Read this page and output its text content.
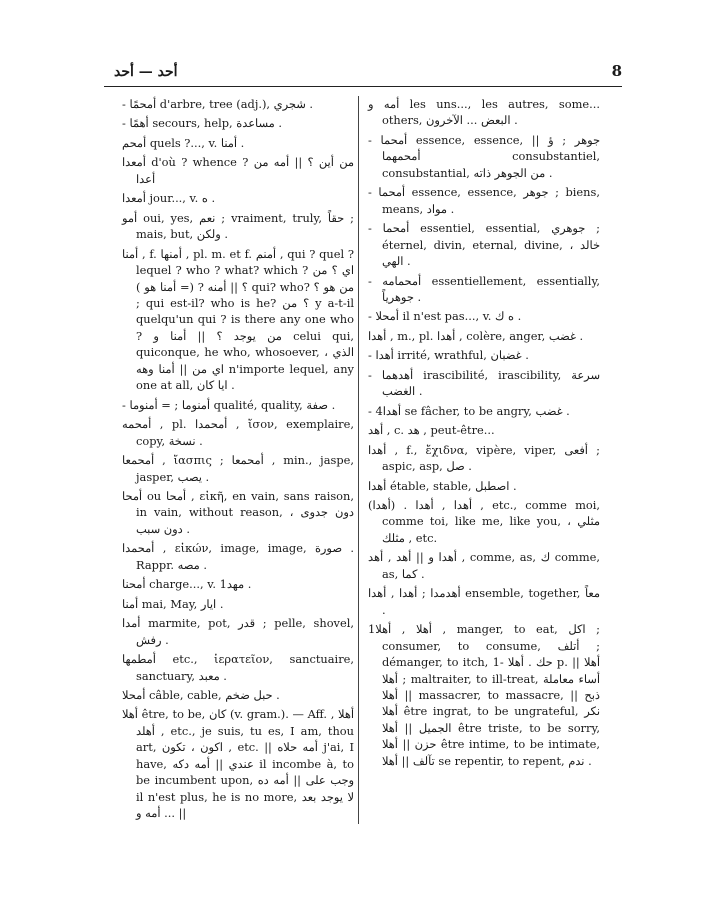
أحد — أحد	8
- أمحمًا d'arbre, tree (adj.), شجري .
- أهمًا secours, help, مساعدة .
أمحم quels ?..., v. أمنا .
أمعدا d'où ? whence ? من أين ؟ || أمه من أعدا
أمعدا jour..., v. ه .
أمو oui, yes, نعم ; vraiment, truly, حقاً ; mais, but, ولكن .
أمنا , f. أمنها , pl. m. et f. أمنم , qui ? quel ? lequel ? who ? what? which ? اي ؟ من ؟ || أمنه ? (= أمنا هو ) qui? who? من هو ؟ ; qui est-il? who is he? ؟ من y a-t-il quelqu'un qui ? is there any one who ? من يوجد ؟ || أمنا و celui qui, quiconque, he who, whosoever, الذي ، اي من || أمنا وهه n'importe lequel, any one at all, ايا كان .
- أمنوما ; = أمنوما qualité, quality, صفة .
أمحمه , pl. أمحمدا , ἴσον, exemplaire, copy, نسخة .
أمحمعا , ἴασπις ; أمحمعا , min., jaspe, jasper, يصب .
أمحا ou أمحا , εἰκῆ, en vain, sans raison, in vain, without reason, دون جدوى ، دون سبب .
أمحمدا , εἰκών, image, image, صورة . Rappr. مصه .
أمحنا charge..., v. 1مهد .
أمنا mai, May, ايار .
أمدا marmite, pot, قدر ; pelle, shovel, رفش .
أمطمها etc., ἱερατεῖον, sanctuaire, sanctuary, معبد .
أمحلا câble, cable, حبل ضخم .
أهلا être, to be, كان (v. gram.). — Aff. أهلا , أهلد , etc., je suis, tu es, I am, thou art, اكون ، تكون , etc. || أمه حلاه j'ai, I have, عندي || أمه دكه il incombe à, to be incumbent upon, وجب على || أمه ده il n'est plus, he is no more, لا يوجد بعد || ... أمه و
أمه و les uns..., les autres, some... others, البعض ... الآخرون .
- أمحما essence, essence, جوهر ; ؤ || أمحمهما consubstantiel, consubstantial, من الجوهر ذاته .
- أمحما essence, essence, جوهر ; biens, means, مواد .
- أمحما essentiel, essential, جوهري ; éternel, divin, eternal, divine, خالد ، الهي .
- أمحمامه essentiellement, essentially, جوهرياً .
- أمحلا il n'est pas..., v. ه ك .
أهدا , m., pl. أهدا , colère, anger, غضب .
- أهدا irrité, wrathful, غضبان .
- أهدهما irascibilité, irascibility, سرعة الغضب .
- 4أهدا se fâcher, to be angry, غضب .
أهد , c. هد , peut-être...
أهدا , f., ἔχιδνα, vipère, viper, أفعى ; aspic, asp, صل .
أهدا étable, stable, اصطبل .
(أهدا) . أهدا , أهدا , etc., comme moi, comme toi, like me, like you, مثلي ، مثلك , etc.
أهدا و || أهد , أهد , comme, as, ك comme, as, كما .
أهدمدا ; أهدا , أهدا ensemble, together, معاً .
1أهلا , أهلا , manger, to eat, اكل ; consumer, to consume, أتلف ; démanger, to itch, حك . أهلا -1 p. || أهلا ; أهلا maltraiter, to ill-treat, أساء معاملة || أهلا massacrer, to massacre, ذبح || أهلا être ingrat, to be ungrateful, نكر الجميل || أهلا être triste, to be sorry, حزن || أهلا être intime, to be intimate, تآلف || أهلا se repentir, to repent, ندم .
